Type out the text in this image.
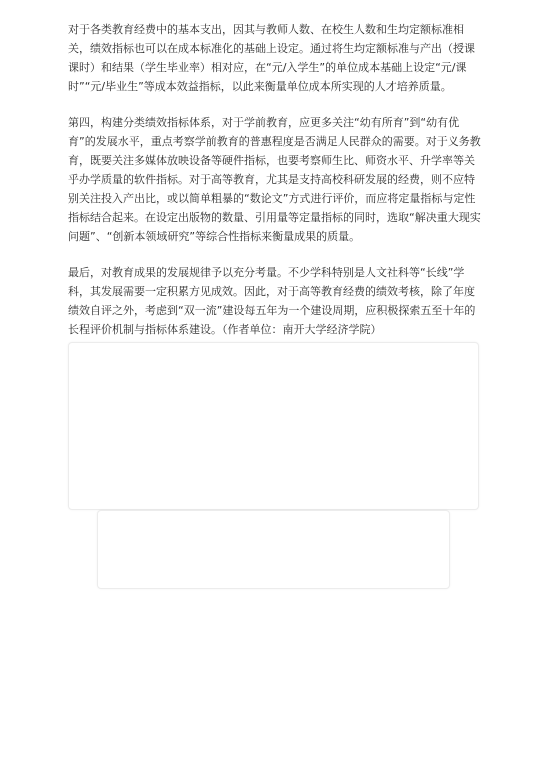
对于各类教育经费中的基本支出，因其与教师人数、在校生人数和生均定额标准相关，绩效指标也可以在成本标准化的基础上设定。通过将生均定额标准与产出（授课课时）和结果（学生毕业率）相对应，在“元/入学生”的单位成本基础上设定“元/课时”“元/毕业生”等成本效益指标，以此来衡量单位成本所实现的人才培养质量。

第四，构建分类绩效指标体系，对于学前教育，应更多关注“幼有所育”到“幼有优育”的发展水平，重点考察学前教育的普惠程度是否满足人民群众的需要。对于义务教育，既要关注多媒体放映设备等硬件指标，也要考察师生比、师资水平、升学率等关乎办学质量的软件指标。对于高等教育，尤其是支持高校科研发展的经费，则不应特别关注投入产出比，或以简单粗暴的“数论文”方式进行评价，而应将定量指标与定性指标结合起来。在设定出版物的数量、引用量等定量指标的同时，选取“解决重大现实问题”、“创新本领域研究”等综合性指标来衡量成果的质量。

最后，对教育成果的发展规律予以充分考量。不少学科特别是人文社科等“长线”学科，其发展需要一定积累方见成效。因此，对于高等教育经费的绩效考核，除了年度绩效自评之外，考虑到“双一流”建设每五年为一个建设周期，应积极探索五至十年的长程评价机制与指标体系建设。（作者单位：南开大学经济学院）
